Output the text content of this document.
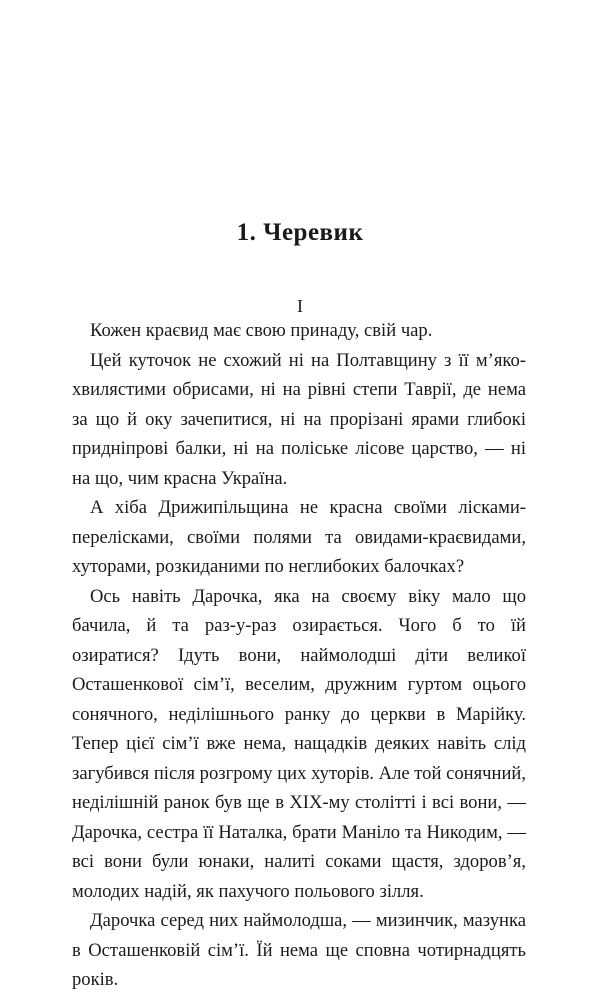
1. Черевик
I

Кожен краєвид має свою принаду, свій чар.

Цей куточок не схожий ні на Полтавщину з її м’яко-хвилястими обрисами, ні на рівні степи Таврії, де нема за що й оку зачепитися, ні на прорізані ярами глибокі придніпрові балки, ні на поліське лісове царство, — ні на що, чим красна Україна.

А хіба Дрижипільщина не красна своїми лісками-перелісками, своїми полями та овидами-краєвидами, хуторами, розкиданими по неглибоких балочках?

Ось навіть Дарочка, яка на своєму віку мало що бачила, й та раз-у-раз озирається. Чого б то їй озиратися? Ідуть вони, наймолодші діти великої Осташенкової сім’ї, веселим, дружним гуртом оцього сонячного, неділішнього ранку до церкви в Марійку. Тепер цієї сім’ї вже нема, нащадків деяких навіть слід загубився після розгрому цих хуторів. Але той сонячний, неділішній ранок був ще в XIX-му столітті і всі вони, — Дарочка, сестра її Наталка, брати Маніло та Никодим, — всі вони були юнаки, налиті соками щастя, здоров’я, молодих надій, як пахучого польового зілля.

Дарочка серед них наймолодша, — мизинчик, мазунка в Осташенковій сім’ї. Їй нема ще сповна чотирнадцять років.
